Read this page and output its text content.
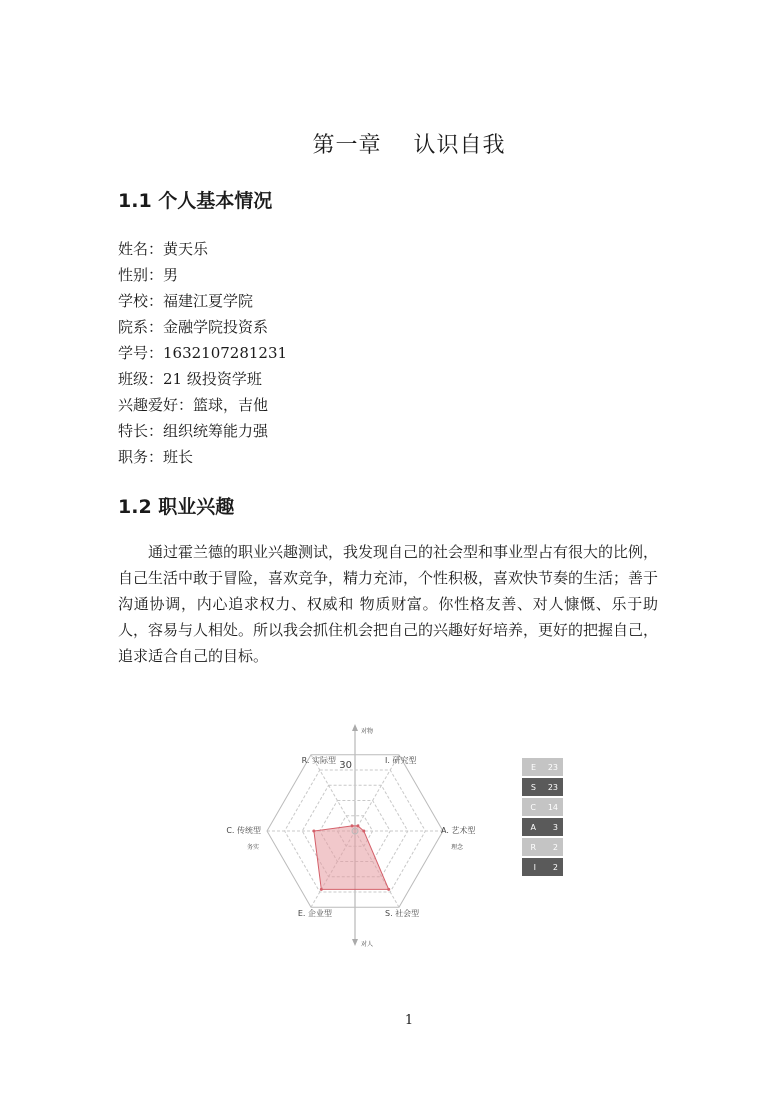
第一章    认识自我
1.1 个人基本情况
姓名：黄天乐
性别：男
学校：福建江夏学院
院系：金融学院投资系
学号：1632107281231
班级：21 级投资学班
兴趣爱好：篮球，吉他
特长：组织统筹能力强
职务：班长
1.2 职业兴趣

通过霍兰德的职业兴趣测试，我发现自己的社会型和事业型占有很大的比例，自己生活中敢于冒险，喜欢竞争，精力充沛，个性积极，喜欢快节奏的生活；善于沟通协调，内心追求权力、权威和 物质财富。你性格友善、对人慷慨、乐于助人，容易与人相处。所以我会抓住机会把自己的兴趣好好培养，更好的把握自己，追求适合自己的目标。

30
R. 实际型	I. 研究型
A. 艺术型
S. 社会型
E. 企业型
C. 传统型
对物
对人
务实	理念
E	23
S	23
C	14
A	3
R	2
I	2
1
